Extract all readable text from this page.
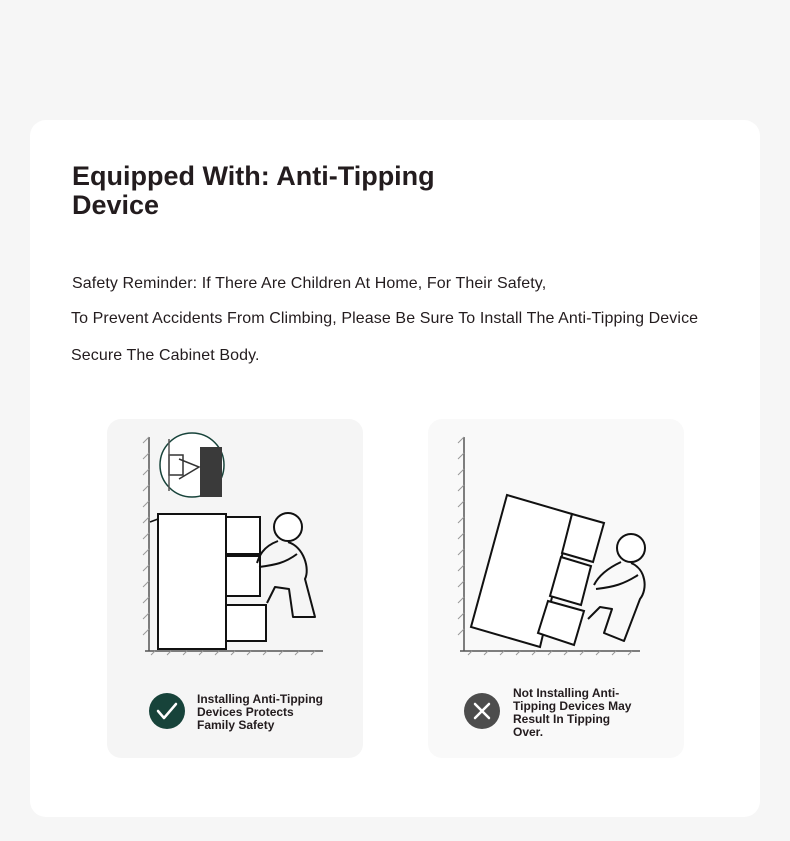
Equipped With: Anti-Tipping Device
Safety Reminder: If There Are Children At Home, For Their Safety,
To Prevent Accidents From Climbing, Please Be Sure To Install The Anti-Tipping Device
Secure The Cabinet Body.
Installing Anti-Tipping Devices Protects Family Safety
Not Installing Anti-Tipping Devices May Result In Tipping Over.
